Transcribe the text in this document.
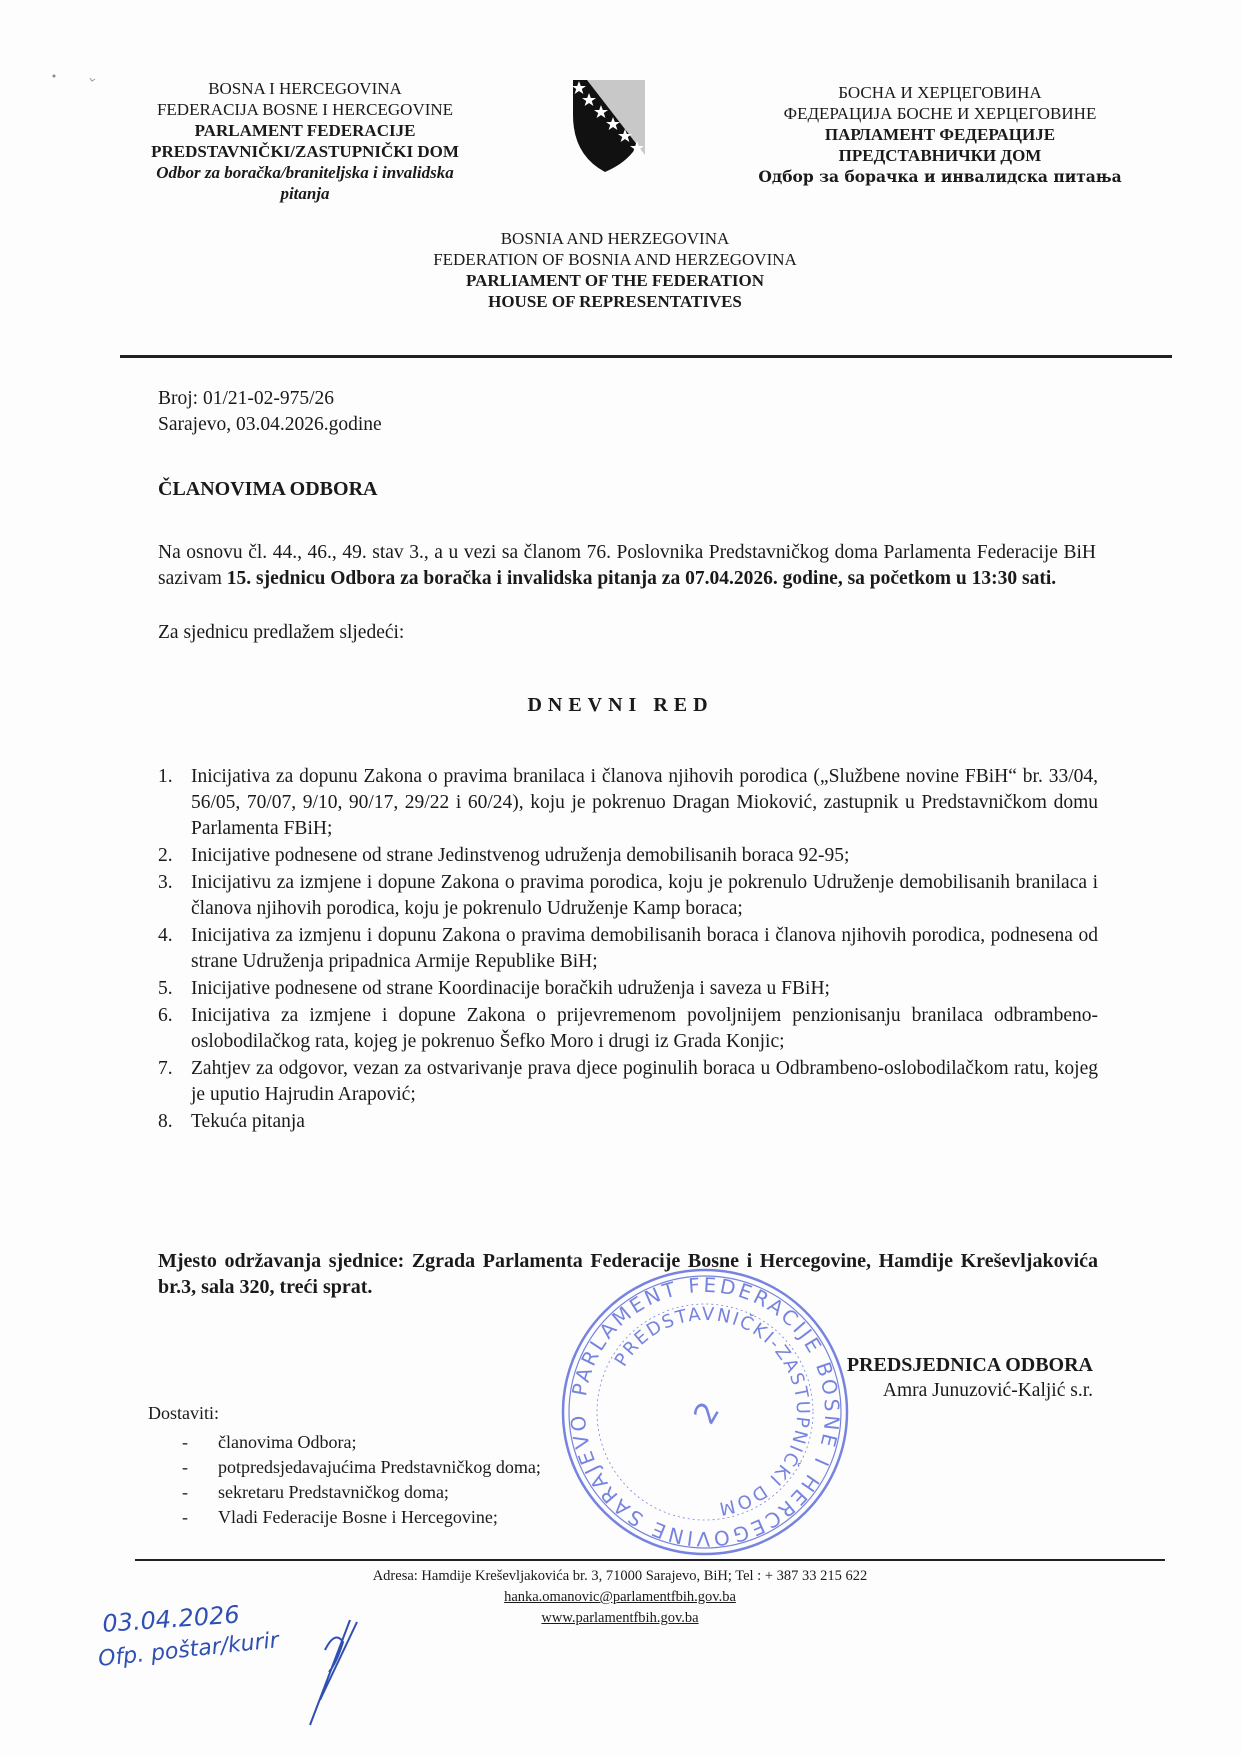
BOSNA I HERCEGOVINA
FEDERACIJA BOSNE I HERCEGOVINE
PARLAMENT FEDERACIJE
PREDSTAVNIČKI/ZASTUPNIČKI DOM
Odbor za boračka/braniteljska i invalidska
pitanja
БОСНА И ХЕРЦЕГОВИНА
ФЕДЕРАЦИЈА БОСНЕ И ХЕРЦЕГОВИНЕ
ПАРЛАМЕНТ ФЕДЕРАЦИЈЕ
ПРЕДСТАВНИЧКИ ДОМ
Одбор за борачка и инвалидска питања
BOSNIA AND HERZEGOVINA
FEDERATION OF BOSNIA AND HERZEGOVINA
PARLIAMENT OF THE FEDERATION
HOUSE OF REPRESENTATIVES
Broj: 01/21-02-975/26
Sarajevo, 03.04.2026.godine
ČLANOVIMA ODBORA
Na osnovu čl. 44., 46., 49. stav 3., a u vezi sa članom 76. Poslovnika Predstavničkog doma Parlamenta Federacije BiH sazivam 15. sjednicu Odbora za boračka i invalidska pitanja za 07.04.2026. godine, sa početkom u 13:30 sati.
Za sjednicu predlažem sljedeći:
DNEVNI RED
1. Inicijativa za dopunu Zakona o pravima branilaca i članova njihovih porodica („Službene novine FBiH“ br. 33/04, 56/05, 70/07, 9/10, 90/17, 29/22 i 60/24), koju je pokrenuo Dragan Mioković, zastupnik u Predstavničkom domu Parlamenta FBiH;
2. Inicijative podnesene od strane Jedinstvenog udruženja demobilisanih boraca 92-95;
3. Inicijativu za izmjene i dopune Zakona o pravima porodica, koju je pokrenulo Udruženje demobilisanih branilaca i članova njihovih porodica, koju je pokrenulo Udruženje Kamp boraca;
4. Inicijativa za izmjenu i dopunu Zakona o pravima demobilisanih boraca i članova njihovih porodica, podnesena od strane Udruženja pripadnica Armije Republike BiH;
5. Inicijative podnesene od strane Koordinacije boračkih udruženja i saveza u FBiH;
6. Inicijativa za izmjene i dopune Zakona o prijevremenom povoljnijem penzionisanju branilaca odbrambeno-oslobodilačkog rata, kojeg je pokrenuo Šefko Moro i drugi iz Grada Konjic;
7. Zahtjev za odgovor, vezan za ostvarivanje prava djece poginulih boraca u Odbrambeno-oslobodilačkom ratu, kojeg je uputio Hajrudin Arapović;
8. Tekuća pitanja
Mjesto održavanja sjednice: Zgrada Parlamenta Federacije Bosne i Hercegovine, Hamdije Kreševljakovića br.3, sala 320, treći sprat.
PARLAMENT FEDERACIJE BOSNE I HERCEGOVINE SARAJEVO
PREDSTAVNIČKI-ZASTUPNIČKI DOM
2
PREDSJEDNICA ODBORA
Amra Junuzović-Kaljić s.r.
Dostaviti:
- članovima Odbora;
- potpredsjedavajućima Predstavničkog doma;
- sekretaru Predstavničkog doma;
- Vladi Federacije Bosne i Hercegovine;
Adresa: Hamdije Kreševljakovića br. 3, 71000 Sarajevo, BiH; Tel : + 387 33 215 622
hanka.omanovic@parlamentfbih.gov.ba
www.parlamentfbih.gov.ba
03.04.2026
Ofp. poštar/kurir
